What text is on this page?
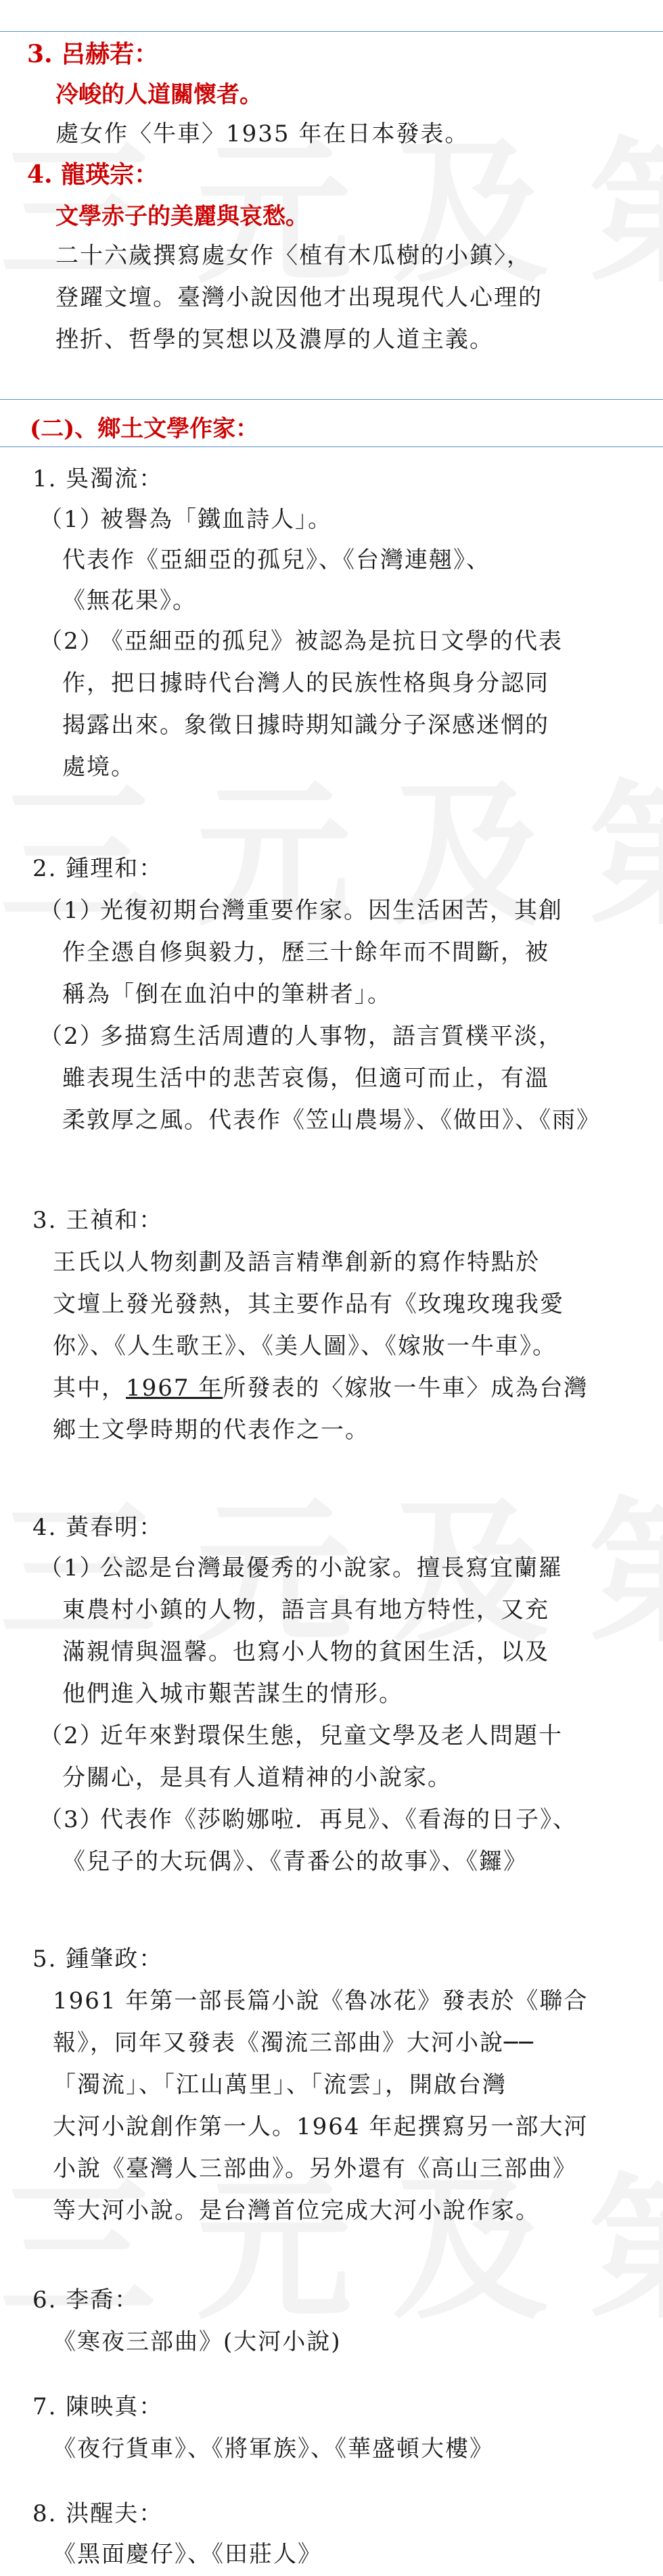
3. 呂赫若：
冷峻的人道關懷者。
處女作〈牛車〉1935 年在日本發表。
4. 龍瑛宗：
文學赤子的美麗與哀愁。
二十六歲撰寫處女作〈植有木瓜樹的小鎮〉，
登躍文壇。臺灣小說因他才出現現代人心理的
挫折、哲學的冥想以及濃厚的人道主義。
(二)、鄉土文學作家：
1. 吳濁流：
（1）
被譽為「鐵血詩人」。
代表作《亞細亞的孤兒》、《台灣連翹》、
《無花果》。
（2）
《亞細亞的孤兒》被認為是抗日文學的代表
作，把日據時代台灣人的民族性格與身分認同
揭露出來。象徵日據時期知識分子深感迷惘的
處境。
2. 鍾理和：
（1）
光復初期台灣重要作家。因生活困苦，其創
作全憑自修與毅力，歷三十餘年而不間斷，被
稱為「倒在血泊中的筆耕者」。
（2）
多描寫生活周遭的人事物，語言質樸平淡，
雖表現生活中的悲苦哀傷，但適可而止，有溫
柔敦厚之風。代表作《笠山農場》、《做田》、《雨》
3. 王禎和：
王氏以人物刻劃及語言精準創新的寫作特點於
文壇上發光發熱，其主要作品有《玫瑰玫瑰我愛
你》、《人生歌王》、《美人圖》、《嫁妝一牛車》。
其中，1967 年所發表的〈嫁妝一牛車〉成為台灣
鄉土文學時期的代表作之一。
4. 黃春明：
（1）
公認是台灣最優秀的小說家。擅長寫宜蘭羅
東農村小鎮的人物，語言具有地方特性，又充
滿親情與溫馨。也寫小人物的貧困生活，以及
他們進入城市艱苦謀生的情形。
（2）
近年來對環保生態，兒童文學及老人問題十
分關心，是具有人道精神的小說家。
（3）
代表作《莎喲娜啦．再見》、《看海的日子》、
《兒子的大玩偶》、《青番公的故事》、《鑼》
5. 鍾肇政：
1961 年第一部長篇小說《魯冰花》發表於《聯合
報》，同年又發表《濁流三部曲》大河小說──
「濁流」、「江山萬里」、「流雲」，開啟台灣
大河小說創作第一人。1964 年起撰寫另一部大河
小說《臺灣人三部曲》。另外還有《高山三部曲》
等大河小說。是台灣首位完成大河小說作家。
6. 李喬：
《寒夜三部曲》(大河小說)
7. 陳映真：
《夜行貨車》、《將軍族》、《華盛頓大樓》
8. 洪醒夫：
《黑面慶仔》、《田莊人》
